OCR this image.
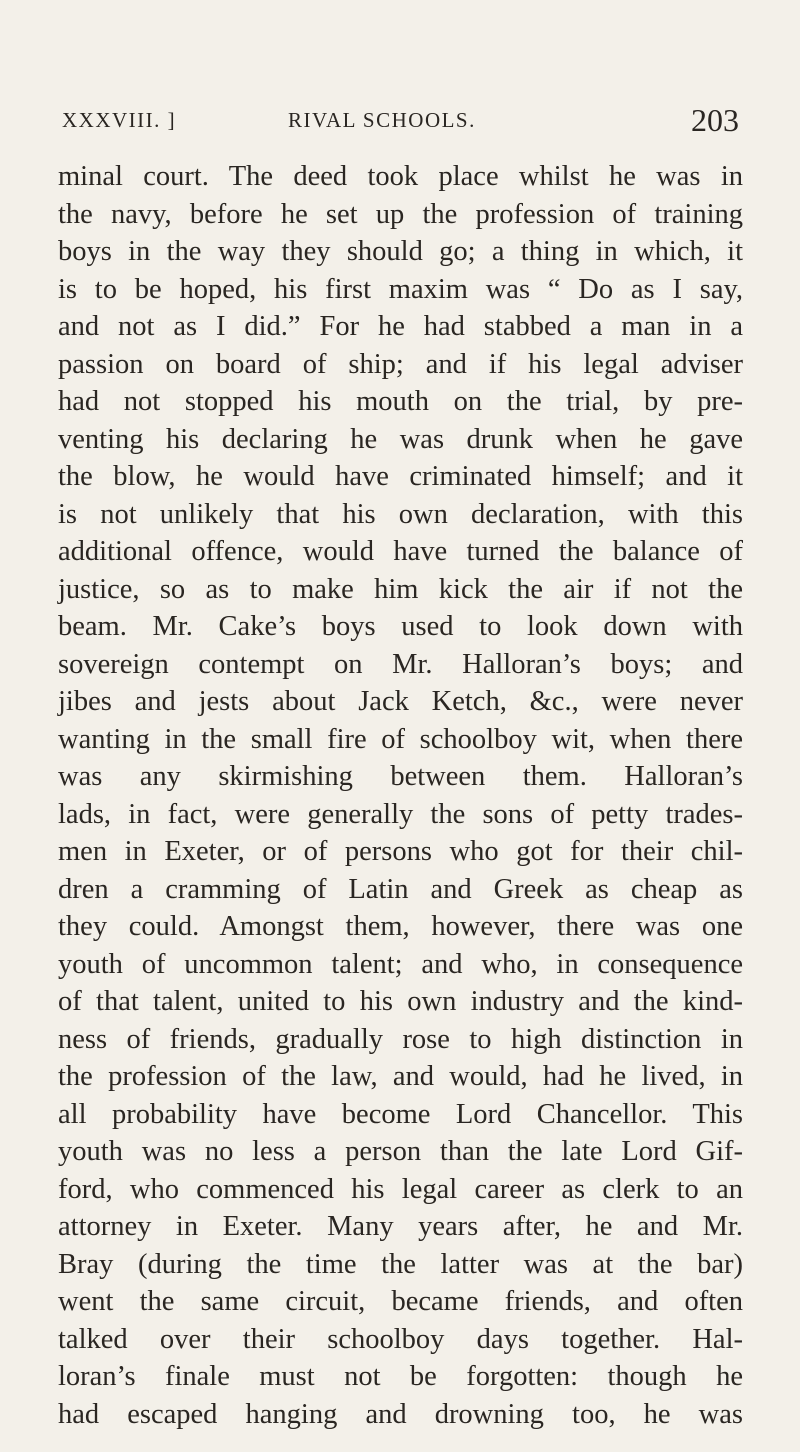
XXXVIII. ]	RIVAL SCHOOLS.	203
minal court. The deed took place whilst he was in
the navy, before he set up the profession of training
boys in the way they should go; a thing in which, it
is to be hoped, his first maxim was “ Do as I say,
and not as I did.” For he had stabbed a man in a
passion on board of ship; and if his legal adviser
had not stopped his mouth on the trial, by pre-
venting his declaring he was drunk when he gave
the blow, he would have criminated himself; and it
is not unlikely that his own declaration, with this
additional offence, would have turned the balance of
justice, so as to make him kick the air if not the
beam. Mr. Cake’s boys used to look down with
sovereign contempt on Mr. Halloran’s boys; and
jibes and jests about Jack Ketch, &c., were never
wanting in the small fire of schoolboy wit, when there
was any skirmishing between them. Halloran’s
lads, in fact, were generally the sons of petty trades-
men in Exeter, or of persons who got for their chil-
dren a cramming of Latin and Greek as cheap as
they could. Amongst them, however, there was one
youth of uncommon talent; and who, in consequence
of that talent, united to his own industry and the kind-
ness of friends, gradually rose to high distinction in
the profession of the law, and would, had he lived, in
all probability have become Lord Chancellor. This
youth was no less a person than the late Lord Gif-
ford, who commenced his legal career as clerk to an
attorney in Exeter. Many years after, he and Mr.
Bray (during the time the latter was at the bar)
went the same circuit, became friends, and often
talked over their schoolboy days together. Hal-
loran’s finale must not be forgotten: though he
had escaped hanging and drowning too, he was
